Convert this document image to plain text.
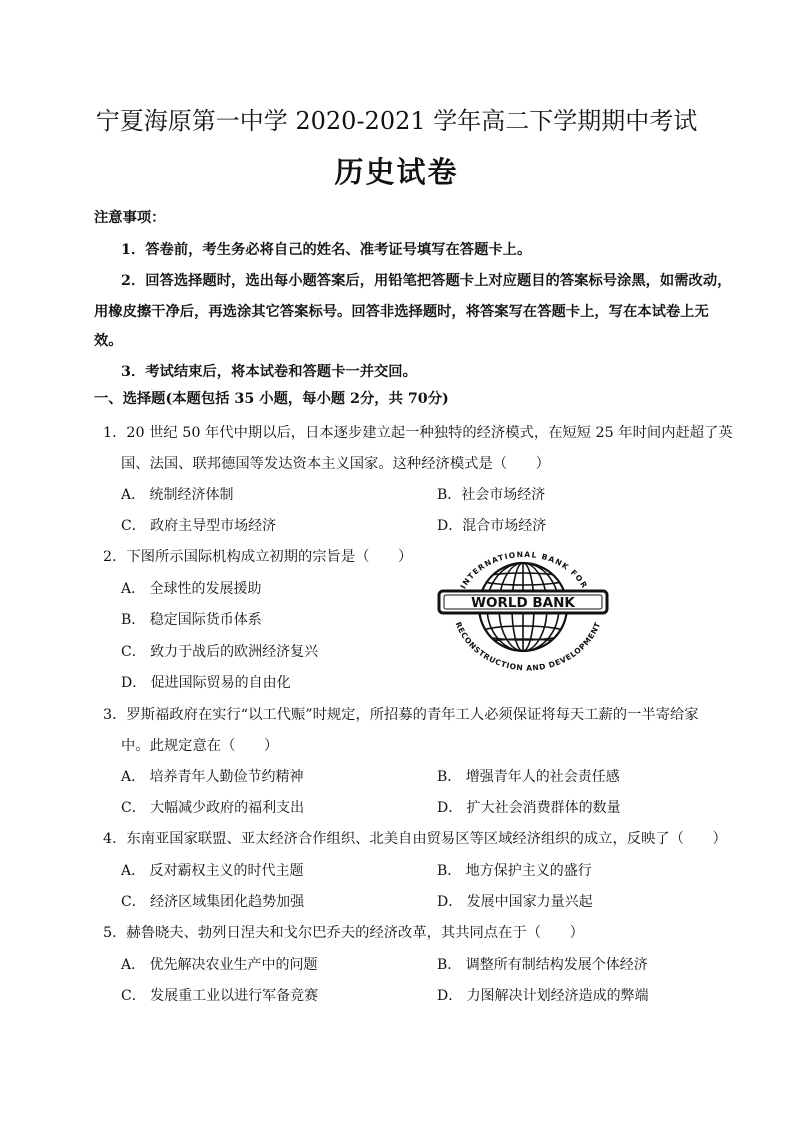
宁夏海原第一中学 2020-2021 学年高二下学期期中考试
历史试卷
注意事项：
1．答卷前，考生务必将自己的姓名、准考证号填写在答题卡上。
2．回答选择题时，选出每小题答案后，用铅笔把答题卡上对应题目的答案标号涂黑，如需改动，
用橡皮擦干净后，再选涂其它答案标号。回答非选择题时，将答案写在答题卡上，写在本试卷上无
效。
3．考试结束后，将本试卷和答题卡一并交回。
一、选择题(本题包括 35 小题，每小题 2分，共 70分)
1．20 世纪 50 年代中期以后，日本逐步建立起一种独特的经济模式，在短短 25 年时间内赶超了英
国、法国、联邦德国等发达资本主义国家。这种经济模式是（　　）
A． 统制经济体制	B．社会市场经济
C． 政府主导型市场经济	D．混合市场经济
2．下图所示国际机构成立初期的宗旨是（　　）
A． 全球性的发展援助
B． 稳定国际货币体系
C． 致力于战后的欧洲经济复兴
D． 促进国际贸易的自由化
WORLD BANK
INTERNATIONAL BANK FOR
RECONSTRUCTION AND DEVELOPMENT
3．罗斯福政府在实行“以工代赈”时规定，所招募的青年工人必须保证将每天工薪的一半寄给家
中。此规定意在（　　）
A． 培养青年人勤俭节约精神	B． 增强青年人的社会责任感
C． 大幅减少政府的福利支出	D． 扩大社会消费群体的数量
4．东南亚国家联盟、亚太经济合作组织、北美自由贸易区等区域经济组织的成立，反映了（　　）
A． 反对霸权主义的时代主题	B． 地方保护主义的盛行
C． 经济区域集团化趋势加强	D． 发展中国家力量兴起
5．赫鲁晓夫、勃列日涅夫和戈尔巴乔夫的经济改革，其共同点在于（　　）
A． 优先解决农业生产中的问题	B． 调整所有制结构发展个体经济
C． 发展重工业以进行军备竞赛	D． 力图解决计划经济造成的弊端
